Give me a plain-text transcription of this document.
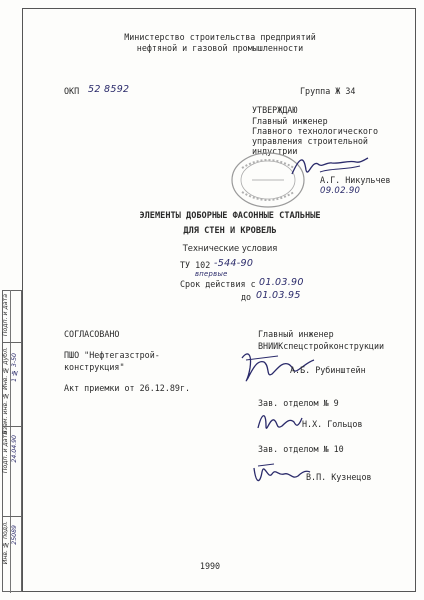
Министерство строительства предприятий
нефтяной и газовой промышленности
ОКП 52 8592	Группа Ж 34
УТВЕРЖДАЮ
Главный инженер
Главного технологического
управления строительной
индустрии
А.Г. Никульчев
09.02.90
ЭЛЕМЕНТЫ ДОБОРНЫЕ ФАСОННЫЕ СТАЛЬНЫЕ
ДЛЯ СТЕН И КРОВЕЛЬ
Технические условия
ТУ 102 -544-90
впервые
Срок действия с 01.03.90
до 01.03.95
СОГЛАСОВАНО
ПШО "Нефтегазстрой-
конструкция"
Акт приемки от 26.12.89г.
Главный инженер
ВНИИКспецстройконструкции
А.Б. Рубинштейн
Зав. отделом № 9
Н.Х. Гольцов
Зав. отделом № 10
В.П. Кузнецов
1990
Подп. и дата
Взам. инв. № Инв. № дубл. 1 № 3-50
Подп. и дата 24.04.90
Инв. № подл. 25089
